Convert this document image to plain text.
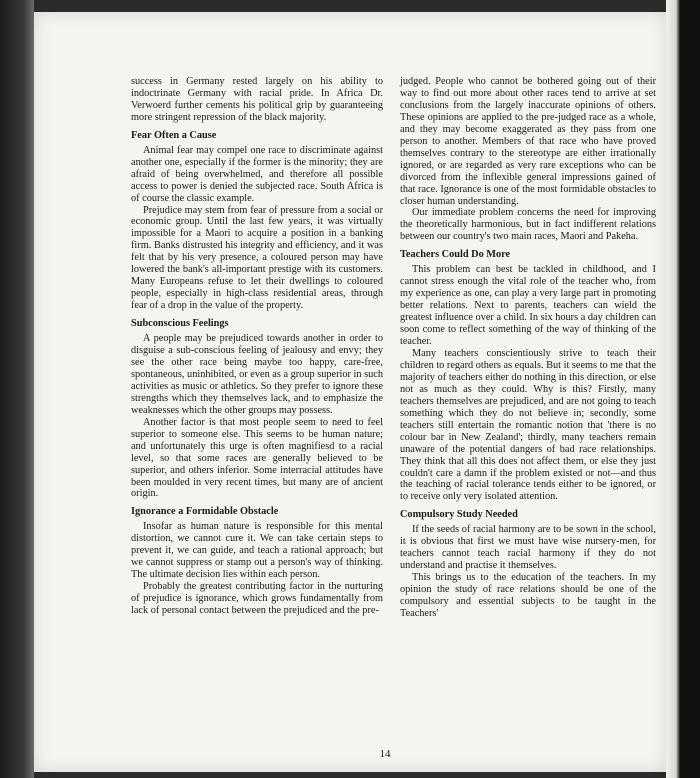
success in Germany rested largely on his ability to indoctrinate Germany with racial pride. In Africa Dr. Verwoerd further cements his political grip by guaranteeing more stringent repression of the black majority.

Fear Often a Cause

Animal fear may compel one race to discriminate against another one, especially if the former is the minority; they are afraid of being overwhelmed, and therefore all possible access to power is denied the subjected race. South Africa is of course the classic example.

Prejudice may stem from fear of pressure from a social or economic group. Until the last few years, it was virtually impossible for a Maori to acquire a position in a banking firm. Banks distrusted his integrity and efficiency, and it was felt that by his very presence, a coloured person may have lowered the bank's all-important prestige with its customers. Many Europeans refuse to let their dwellings to coloured people, especially in high-class residential areas, through fear of a drop in the value of the property.

Subconscious Feelings

A people may be prejudiced towards another in order to disguise a sub-conscious feeling of jealousy and envy; they see the other race being maybe too happy, care-free, spontaneous, uninhibited, or even as a group superior in such activities as music or athletics. So they prefer to ignore these strengths which they themselves lack, and to emphasize the weaknesses which the other groups may possess.

Another factor is that most people seem to need to feel superior to someone else. This seems to be human nature; and unfortunately this urge is often magnifiesd to a racial level, so that some races are generally believed to be superior, and others inferior. Some interracial attitudes have been moulded in very recent times, but many are of ancient origin.

Ignorance a Formidable Obstacle

Insofar as human nature is responsible for this mental distortion, we cannot cure it. We can take certain steps to prevent it, we can guide, and teach a rational approach; but we cannot suppress or stamp out a person's way of thinking. The ultimate decision lies within each person.

Probably the greatest contributing factor in the nurturing of prejudice is ignorance, which grows fundamentally from lack of personal contact between the prejudiced and the pre-

judged. People who cannot be bothered going out of their way to find out more about other races tend to arrive at set conclusions from the largely inaccurate opinions of others. These opinions are applied to the pre-judged race as a whole, and they may become exaggerated as they pass from one person to another. Members of that race who have proved themselves contrary to the stereotype are either irrationally ignored, or are regarded as very rare exceptions who can be divorced from the inflexible general impressions gained of that race. Ignorance is one of the most formidable obstacles to closer human understanding.

Our immediate problem concerns the need for improving the theoretically harmonious, but in fact indifferent relations between our country's two main races, Maori and Pakeha.

Teachers Could Do More

This problem can best be tackled in childhood, and I cannot stress enough the vital role of the teacher who, from my experience as one, can play a very large part in promoting better relations. Next to parents, teachers can wield the greatest influence over a child. In six hours a day children can soon come to reflect something of the way of thinking of the teacher.

Many teachers conscientiously strive to teach their children to regard others as equals. But it seems to me that the majority of teachers either do nothing in this direction, or else not as much as they could. Why is this? Firstly, many teachers themselves are prejudiced, and are not going to teach something which they do not believe in; secondly, some teachers still entertain the romantic notion that 'there is no colour bar in New Zealand'; thirdly, many teachers remain unaware of the potential dangers of bad race relationships. They think that all this does not affect them, or else they just couldn't care a damn if the problem existed or not—and thus the teaching of racial tolerance tends either to be ignored, or to receive only very isolated attention.

Compulsory Study Needed

If the seeds of racial harmony are to be sown in the school, it is obvious that first we must have wise nursery-men, for teachers cannot teach racial harmony if they do not understand and practise it themselves.

This brings us to the education of the teachers. In my opinion the study of race relations should be one of the compulsory and essential subjects to be taught in the Teachers'

14
